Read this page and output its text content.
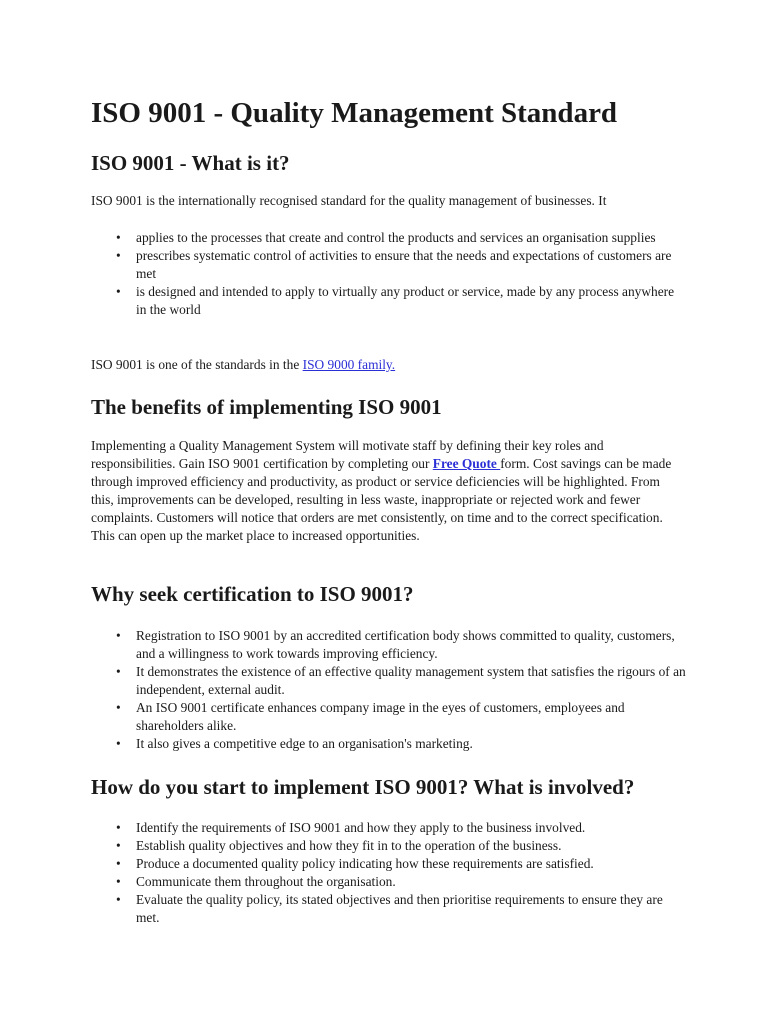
ISO 9001 - Quality Management Standard
ISO 9001 - What is it?

ISO 9001 is the internationally recognised standard for the quality management of businesses. It

• applies to the processes that create and control the products and services an organisation supplies
• prescribes systematic control of activities to ensure that the needs and expectations of customers are met
• is designed and intended to apply to virtually any product or service, made by any process anywhere in the world

ISO 9001 is one of the standards in the ISO 9000 family.

The benefits of implementing ISO 9001

Implementing a Quality Management System will motivate staff by defining their key roles and responsibilities. Gain ISO 9001 certification by completing our Free Quote form. Cost savings can be made through improved efficiency and productivity, as product or service deficiencies will be highlighted. From this, improvements can be developed, resulting in less waste, inappropriate or rejected work and fewer complaints. Customers will notice that orders are met consistently, on time and to the correct specification. This can open up the market place to increased opportunities.

Why seek certification to ISO 9001?
• Registration to ISO 9001 by an accredited certification body shows committed to quality, customers, and a willingness to work towards improving efficiency.
• It demonstrates the existence of an effective quality management system that satisfies the rigours of an independent, external audit.
• An ISO 9001 certificate enhances company image in the eyes of customers, employees and shareholders alike.
• It also gives a competitive edge to an organisation's marketing.
How do you start to implement ISO 9001? What is involved?
• Identify the requirements of ISO 9001 and how they apply to the business involved.
• Establish quality objectives and how they fit in to the operation of the business.
• Produce a documented quality policy indicating how these requirements are satisfied.
• Communicate them throughout the organisation.
• Evaluate the quality policy, its stated objectives and then prioritise requirements to ensure they are met.
